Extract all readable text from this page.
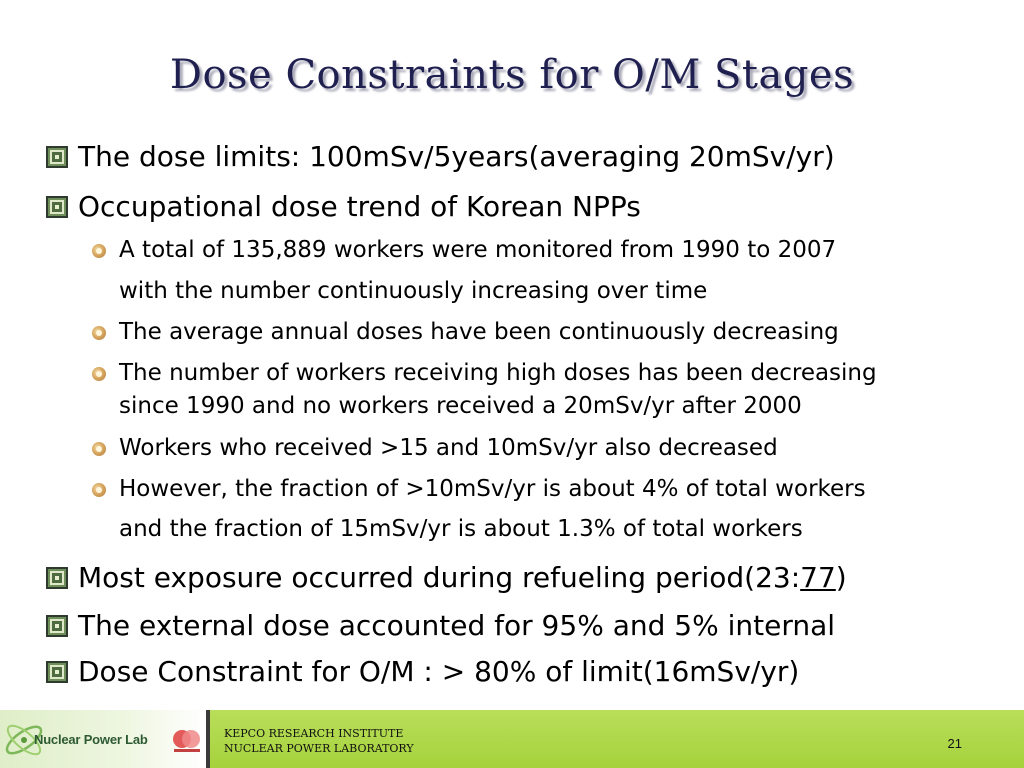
Dose Constraints for O/M Stages
The dose limits: 100mSv/5years(averaging 20mSv/yr)
Occupational dose trend of Korean NPPs
A total of 135,889 workers were monitored from 1990 to 2007
with the number continuously increasing over time
The average annual doses have been continuously decreasing
The number of workers receiving high doses has been decreasing
since 1990 and no workers received a 20mSv/yr after 2000
Workers who received >15 and 10mSv/yr also decreased
However, the fraction of >10mSv/yr is about 4% of total workers
and the fraction of 15mSv/yr is about 1.3% of total workers
Most exposure occurred during refueling period(23:77)
The external dose accounted for 95% and 5% internal
Dose Constraint for O/M : > 80% of limit(16mSv/yr)
Nuclear Power Lab	KEPCO RESEARCH INSTITUTE
NUCLEAR POWER LABORATORY	21
